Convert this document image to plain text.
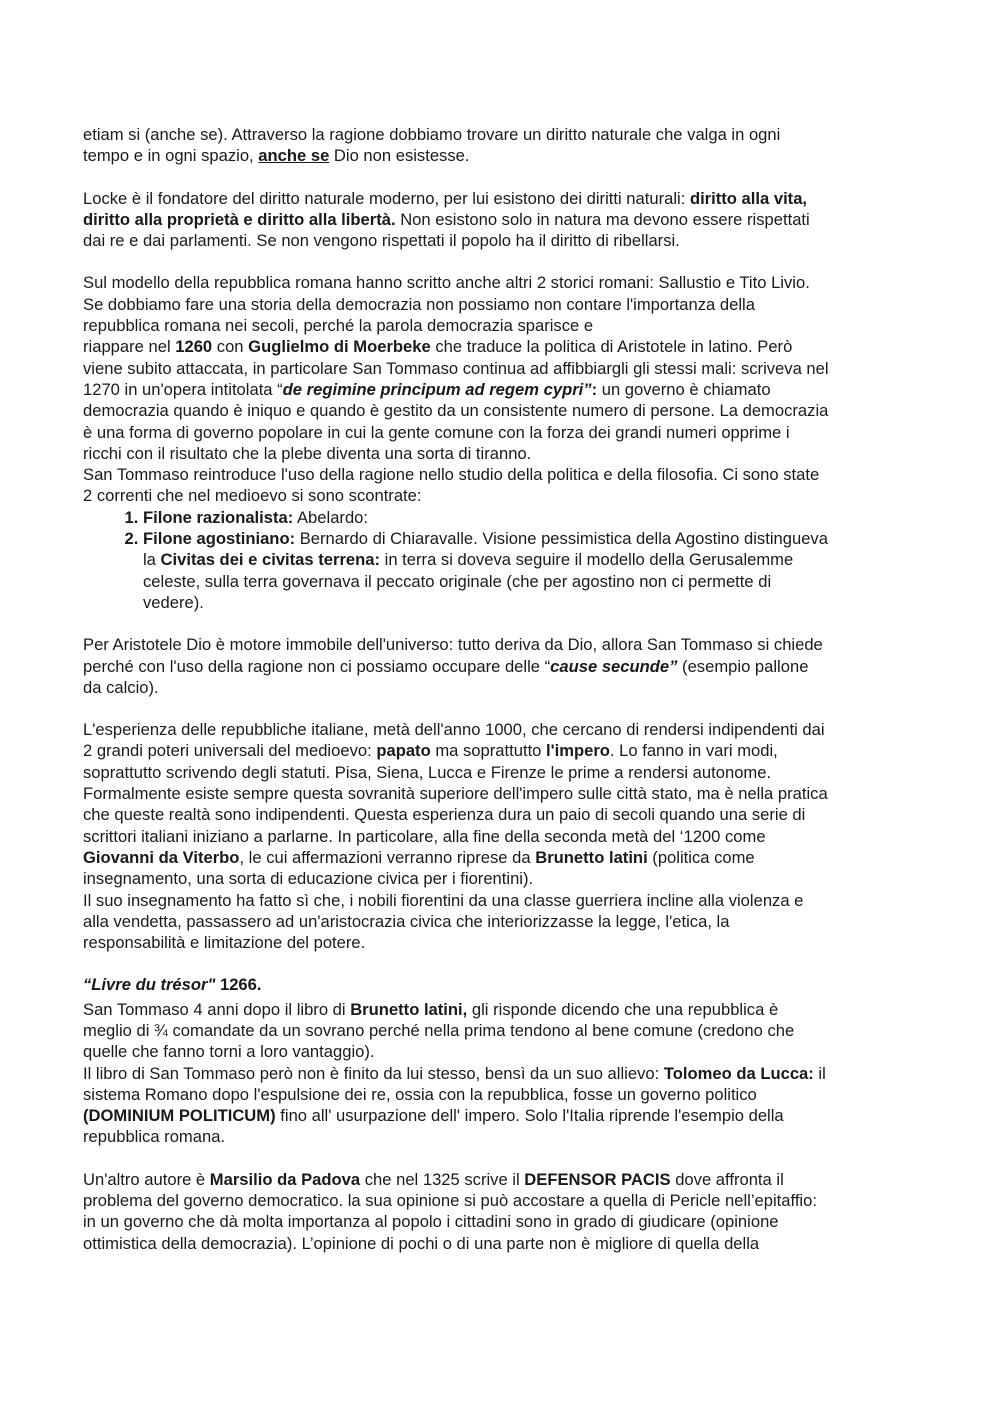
etiam si (anche se). Attraverso la ragione dobbiamo trovare un diritto naturale che valga in ogni
tempo e in ogni spazio, anche se Dio non esistesse.
Locke è il fondatore del diritto naturale moderno, per lui esistono dei diritti naturali: diritto alla vita,
diritto alla proprietà e diritto alla libertà. Non esistono solo in natura ma devono essere rispettati
dai re e dai parlamenti. Se non vengono rispettati il popolo ha il diritto di ribellarsi.
Sul modello della repubblica romana hanno scritto anche altri 2 storici romani: Sallustio e Tito Livio.
Se dobbiamo fare una storia della democrazia non possiamo non contare l'importanza della
repubblica romana nei secoli, perché la parola democrazia sparisce e
riappare nel 1260 con Guglielmo di Moerbeke che traduce la politica di Aristotele in latino. Però
viene subito attaccata, in particolare San Tommaso continua ad affibbiargli gli stessi mali: scriveva nel
1270 in un'opera intitolata “de regimine principum ad regem cypri”: un governo è chiamato
democrazia quando è iniquo e quando è gestito da un consistente numero di persone. La democrazia
è una forma di governo popolare in cui la gente comune con la forza dei grandi numeri opprime i
ricchi con il risultato che la plebe diventa una sorta di tiranno.
San Tommaso reintroduce l'uso della ragione nello studio della politica e della filosofia. Ci sono state
2 correnti che nel medioevo si sono scontrate:
1. Filone razionalista: Abelardo:
2. Filone agostiniano: Bernardo di Chiaravalle. Visione pessimistica della Agostino distingueva
la Civitas dei e civitas terrena: in terra si doveva seguire il modello della Gerusalemme
celeste, sulla terra governava il peccato originale (che per agostino non ci permette di
vedere).
Per Aristotele Dio è motore immobile dell'universo: tutto deriva da Dio, allora San Tommaso si chiede
perché con l'uso della ragione non ci possiamo occupare delle “cause secunde” (esempio pallone
da calcio).
L'esperienza delle repubbliche italiane, metà dell'anno 1000, che cercano di rendersi indipendenti dai
2 grandi poteri universali del medioevo: papato ma soprattutto l'impero. Lo fanno in vari modi,
soprattutto scrivendo degli statuti. Pisa, Siena, Lucca e Firenze le prime a rendersi autonome.
Formalmente esiste sempre questa sovranità superiore dell'impero sulle città stato, ma è nella pratica
che queste realtà sono indipendenti. Questa esperienza dura un paio di secoli quando una serie di
scrittori italiani iniziano a parlarne. In particolare, alla fine della seconda metà del ‘1200 come
Giovanni da Viterbo, le cui affermazioni verranno riprese da Brunetto latini (politica come
insegnamento, una sorta di educazione civica per i fiorentini).
Il suo insegnamento ha fatto sì che, i nobili fiorentini da una classe guerriera incline alla violenza e
alla vendetta, passassero ad un'aristocrazia civica che interiorizzasse la legge, l'etica, la
responsabilità e limitazione del potere.
“Livre du trésor" 1266.
San Tommaso 4 anni dopo il libro di Brunetto latini, gli risponde dicendo che una repubblica è
meglio di ¾ comandate da un sovrano perché nella prima tendono al bene comune (credono che
quelle che fanno torni a loro vantaggio).
Il libro di San Tommaso però non è finito da lui stesso, bensì da un suo allievo: Tolomeo da Lucca: il
sistema Romano dopo l'espulsione dei re, ossia con la repubblica, fosse un governo politico
(DOMINIUM POLITICUM) fino all' usurpazione dell' impero. Solo l'Italia riprende l'esempio della
repubblica romana.
Un'altro autore è Marsilio da Padova che nel 1325 scrive il DEFENSOR PACIS dove affronta il
problema del governo democratico. la sua opinione si può accostare a quella di Pericle nell’epitaffio:
in un governo che dà molta importanza al popolo i cittadini sono in grado di giudicare (opinione
ottimistica della democrazia). L’opinione di pochi o di una parte non è migliore di quella della
